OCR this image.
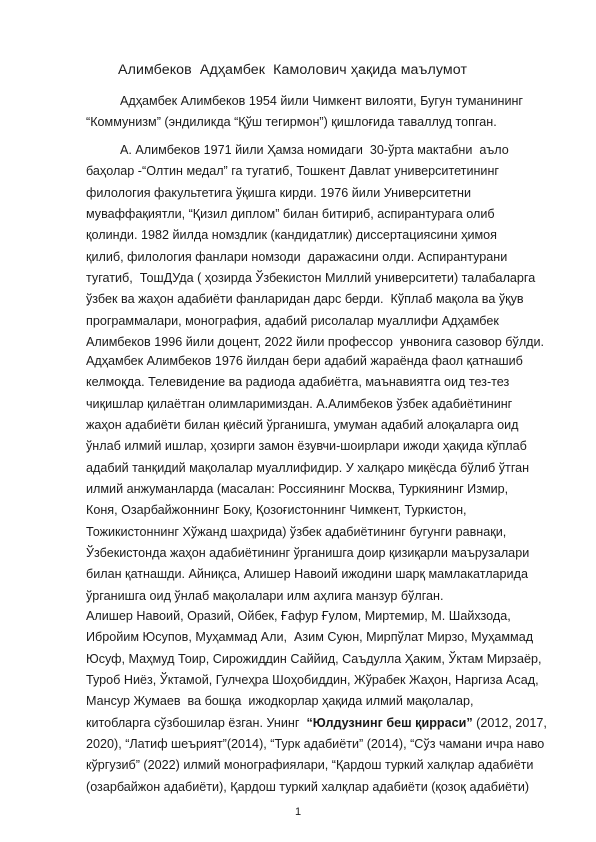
Алимбеков  Адҳамбек  Камолович ҳақида маълумот
Адҳамбек Алимбеков 1954 йили Чимкент вилояти, Бугун туманининг
“Коммунизм” (эндиликда “Қўш тегирмон”) қишлоғида таваллуд топган.
А. Алимбеков 1971 йили Ҳамза номидаги  30-ўрта мактабни  аъло
баҳолар -“Олтин медал” га тугатиб, Тошкент Давлат университетининг
филология факультетига ўқишга кирди. 1976 йили Университетни
муваффақиятли, “Қизил диплом” билан битириб, аспирантурага олиб
қолинди. 1982 йилда номздлик (кандидатлик) диссертациясини ҳимоя
қилиб, филология фанлари номзоди  даражасини олди. Аспирантурани
тугатиб,  ТошДУда ( ҳозирда Ўзбекистон Миллий университети) талабаларга
ўзбек ва жаҳон адабиёти фанларидан дарс берди.  Кўплаб мақола ва ўқув
программалари, монография, адабий рисолалар муаллифи Адҳамбек
Алимбеков 1996 йили доцент, 2022 йили профессор  унвонига сазовор бўлди.
Адҳамбек Алимбеков 1976 йилдан бери адабий жараёнда фаол қатнашиб
келмоқда. Телевидение ва радиода адабиётга, маънавиятга оид тез-тез
чиқишлар қилаётган олимларимиздан. А.Алимбеков ўзбек адабиётининг
жаҳон адабиёти билан қиёсий ўрганишга, умуман адабий алоқаларга оид
ўнлаб илмий ишлар, ҳозирги замон ёзувчи-шоирлари ижоди ҳақида кўплаб
адабий танқидий мақолалар муаллифидир. У халқаро миқёсда бўлиб ўтган
илмий анжуманларда (масалан: Россиянинг Москва, Туркиянинг Измир,
Коня, Озарбайжоннинг Боку, Қозоғистоннинг Чимкент, Туркистон,
Тожикистоннинг Хўжанд шаҳрида) ўзбек адабиётининг бугунги равнақи,
Ўзбекистонда жаҳон адабиётининг ўрганишга доир қизиқарли маърузалари
билан қатнашди. Айниқса, Алишер Навоий ижодини шарқ мамлакатларида
ўрганишга оид ўнлаб мақолалари илм аҳлига манзур бўлган.
Алишер Навоий, Оразий, Ойбек, Ғафур Ғулом, Миртемир, М. Шайхзода,
Ибройим Юсупов, Муҳаммад Али,  Азим Суюн, Мирпўлат Мирзо, Муҳаммад
Юсуф, Маҳмуд Тоир, Сирожиддин Саййид, Саъдулла Ҳаким, Ўктам Мирзаёр,
Туроб Ниёз, Ўктамой, Гулчеҳра Шоҳобиддин, Жўрабек Жаҳон, Наргиза Асад,
Мансур Жумаев  ва бошқа  ижодкорлар ҳақида илмий мақолалар,
китобларга сўзбошилар ёзган. Унинг  “Юлдузнинг беш қирраси” (2012, 2017,
2020), “Латиф шеърият”(2014), “Турк адабиёти” (2014), “Сўз чамани ичра наво
кўргузиб” (2022) илмий монографиялари, “Қардош туркий халқлар адабиёти
(озарбайжон адабиёти), Қардош туркий халқлар адабиёти (қозоқ адабиёти)
1
